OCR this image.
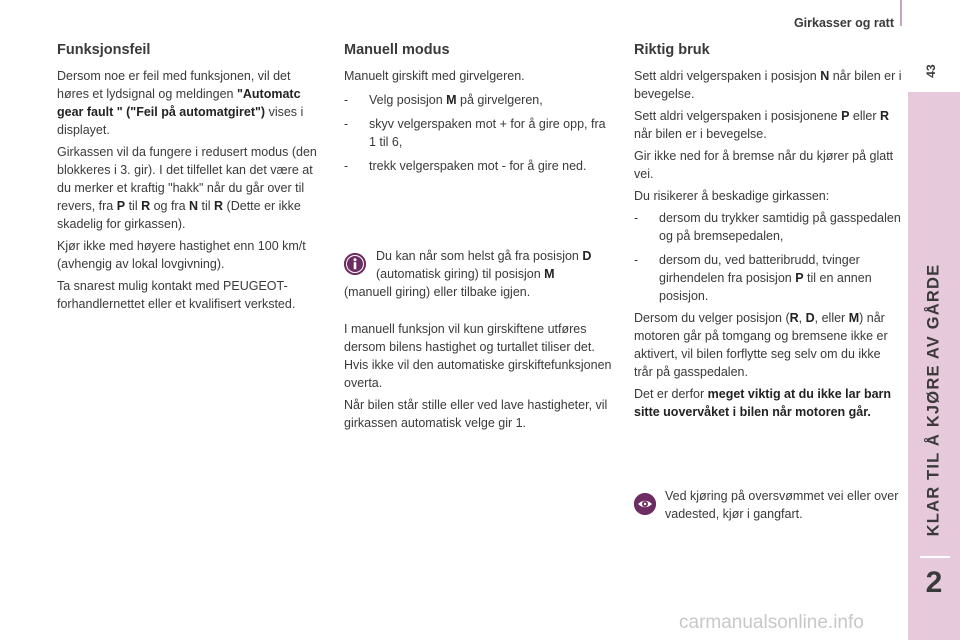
Girkasser og ratt
43
KLAR TIL Å KJØRE AV GÅRDE
2
Funksjonsfeil

Dersom noe er feil med funksjonen, vil det høres et lydsignal og meldingen "Automatc gear fault " ("Feil på automatgiret") vises i displayet.

Girkassen vil da fungere i redusert modus (den blokkeres i 3. gir). I det tilfellet kan det være at du merker et kraftig "hakk" når du går over til revers, fra P til R og fra N til R (Dette er ikke skadelig for girkassen).

Kjør ikke med høyere hastighet enn 100 km/t (avhengig av lokal lovgivning).

Ta snarest mulig kontakt med PEUGEOT-forhandlernettet eller et kvalifisert verksted.

Manuell modus

Manuelt girskift med girvelgeren.

- Velg posisjon M på girvelgeren,
- skyv velgerspaken mot + for å gire opp, fra 1 til 6,
- trekk velgerspaken mot - for å gire ned.
Du kan når som helst gå fra posisjon D (automatisk giring) til posisjon M
(manuell giring) eller tilbake igjen.

I manuell funksjon vil kun girskiftene utføres dersom bilens hastighet og turtallet tiliser det. Hvis ikke vil den automatiske girskiftefunksjonen overta.

Når bilen står stille eller ved lave hastigheter, vil girkassen automatisk velge gir 1.

Riktig bruk

Sett aldri velgerspaken i posisjon N når bilen er i bevegelse.

Sett aldri velgerspaken i posisjonene P eller R når bilen er i bevegelse.

Gir ikke ned for å bremse når du kjører på glatt vei.

Du risikerer å beskadige girkassen:

- dersom du trykker samtidig på gasspedalen og på bremsepedalen,
- dersom du, ved batteribrudd, tvinger girhendelen fra posisjon P til en annen posisjon.

Dersom du velger posisjon (R, D, eller M) når motoren går på tomgang og bremsene ikke er aktivert, vil bilen forflytte seg selv om du ikke trår på gasspedalen.

Det er derfor meget viktig at du ikke lar barn sitte uovervåket i bilen når motoren går.

Ved kjøring på oversvømmet vei eller over vadested, kjør i gangfart.
carmanualsonline.info
